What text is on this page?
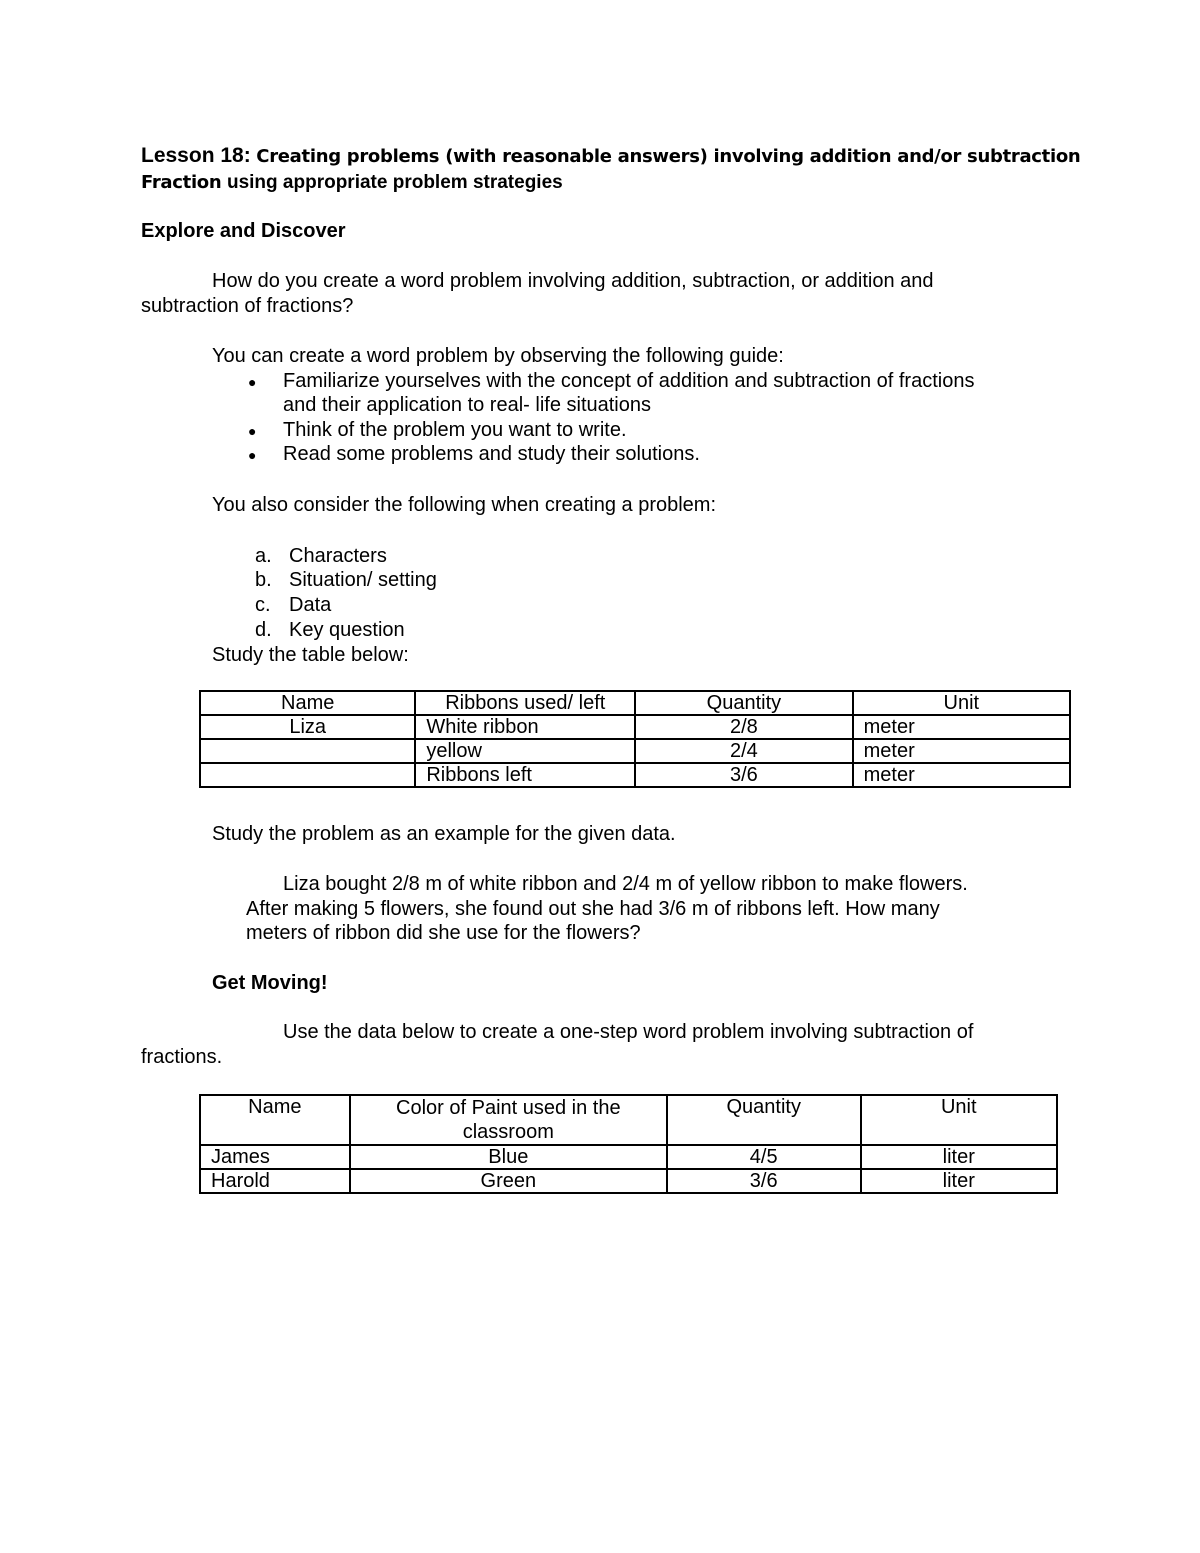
Lesson 18: Creating problems (with reasonable answers) involving addition and/or subtraction
Fraction using appropriate problem strategies
Explore and Discover
How do you create a word problem involving addition, subtraction, or addition and
subtraction of fractions?
You can create a word problem by observing the following guide:
● Familiarize yourselves with the concept of addition and subtraction of fractions
and their application to real- life situations
● Think of the problem you want to write.
● Read some problems and study their solutions.
You also consider the following when creating a problem:
a. Characters
b. Situation/ setting
c. Data
d. Key question
Study the table below:
Name	Ribbons used/ left	Quantity	Unit
Liza	White ribbon	2/8	meter
	yellow	2/4	meter
	Ribbons left	3/6	meter
Study the problem as an example for the given data.
Liza bought 2/8 m of white ribbon and 2/4 m of yellow ribbon to make flowers.
After making 5 flowers, she found out she had 3/6 m of ribbons left. How many
meters of ribbon did she use for the flowers?
Get Moving!
Use the data below to create a one-step word problem involving subtraction of
fractions.
Name	Color of Paint used in the classroom	Quantity	Unit
James	Blue	4/5	liter
Harold	Green	3/6	liter
